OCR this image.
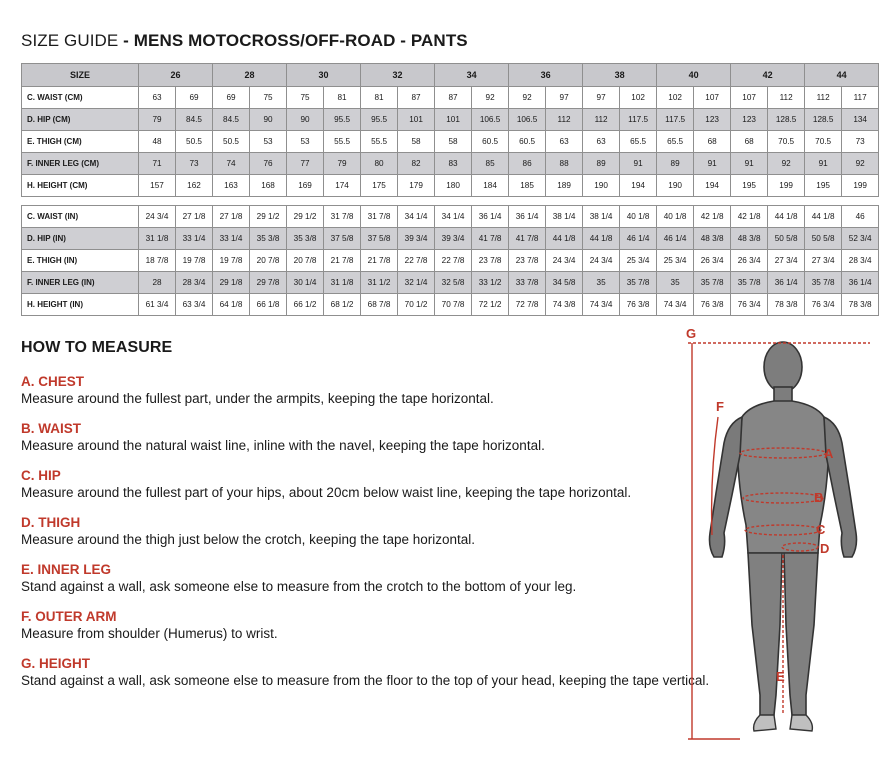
SIZE GUIDE - MENS MOTOCROSS/OFF-ROAD - PANTS
SIZE	26		28		30		32		34		36		38		40		42		44	
C. WAIST (CM)	63	69	69	75	75	81	81	87	87	92	92	97	97	102	102	107	107	112	112	117
D. HIP (CM)	79	84.5	84.5	90	90	95.5	95.5	101	101	106.5	106.5	112	112	117.5	117.5	123	123	128.5	128.5	134
E. THIGH (CM)	48	50.5	50.5	53	53	55.5	55.5	58	58	60.5	60.5	63	63	65.5	65.5	68	68	70.5	70.5	73
F. INNER LEG (CM)	71	73	74	76	77	79	80	82	83	85	86	88	89	91	89	91	91	92	91	92
H. HEIGHT (CM)	157	162	163	168	169	174	175	179	180	184	185	189	190	194	190	194	195	199	195	199

C. WAIST (IN)	24 3/4	27 1/8	27 1/8	29 1/2	29 1/2	31 7/8	31 7/8	34 1/4	34 1/4	36 1/4	36 1/4	38 1/4	38 1/4	40 1/8	40 1/8	42 1/8	42 1/8	44 1/8	44 1/8	46
D. HIP (IN)	31 1/8	33 1/4	33 1/4	35 3/8	35 3/8	37 5/8	37 5/8	39 3/4	39 3/4	41 7/8	41 7/8	44 1/8	44 1/8	46 1/4	46 1/4	48 3/8	48 3/8	50 5/8	50 5/8	52 3/4
E. THIGH (IN)	18 7/8	19 7/8	19 7/8	20 7/8	20 7/8	21 7/8	21 7/8	22 7/8	22 7/8	23 7/8	23 7/8	24 3/4	24 3/4	25 3/4	25 3/4	26 3/4	26 3/4	27 3/4	27 3/4	28 3/4
F. INNER LEG (IN)	28	28 3/4	29 1/8	29 7/8	30 1/4	31 1/8	31 1/2	32 1/4	32 5/8	33 1/2	33 7/8	34 5/8	35	35 7/8	35	35 7/8	35 7/8	36 1/4	35 7/8	36 1/4
H. HEIGHT (IN)	61 3/4	63 3/4	64 1/8	66 1/8	66 1/2	68 1/2	68 7/8	70 1/2	70 7/8	72 1/2	72 7/8	74 3/8	74 3/4	76 3/8	74 3/4	76 3/8	76 3/4	78 3/8	76 3/4	78 3/8
HOW TO MEASURE
A. CHEST
Measure around the fullest part, under the armpits, keeping the tape horizontal.
B. WAIST
Measure around the natural waist line, inline with the navel, keeping the tape horizontal.
C. HIP
Measure around the fullest part of your hips, about 20cm below waist line, keeping the tape horizontal.
D. THIGH
Measure around the thigh just below the crotch, keeping the tape horizontal.
E. INNER LEG
Stand against a wall, ask someone else to measure from the crotch to the bottom of your leg.
F. OUTER ARM
Measure from shoulder (Humerus) to wrist.
G. HEIGHT
Stand against a wall, ask someone else to measure from the floor to the top of your head, keeping the tape vertical.
G
F
A
B
C
D
E
